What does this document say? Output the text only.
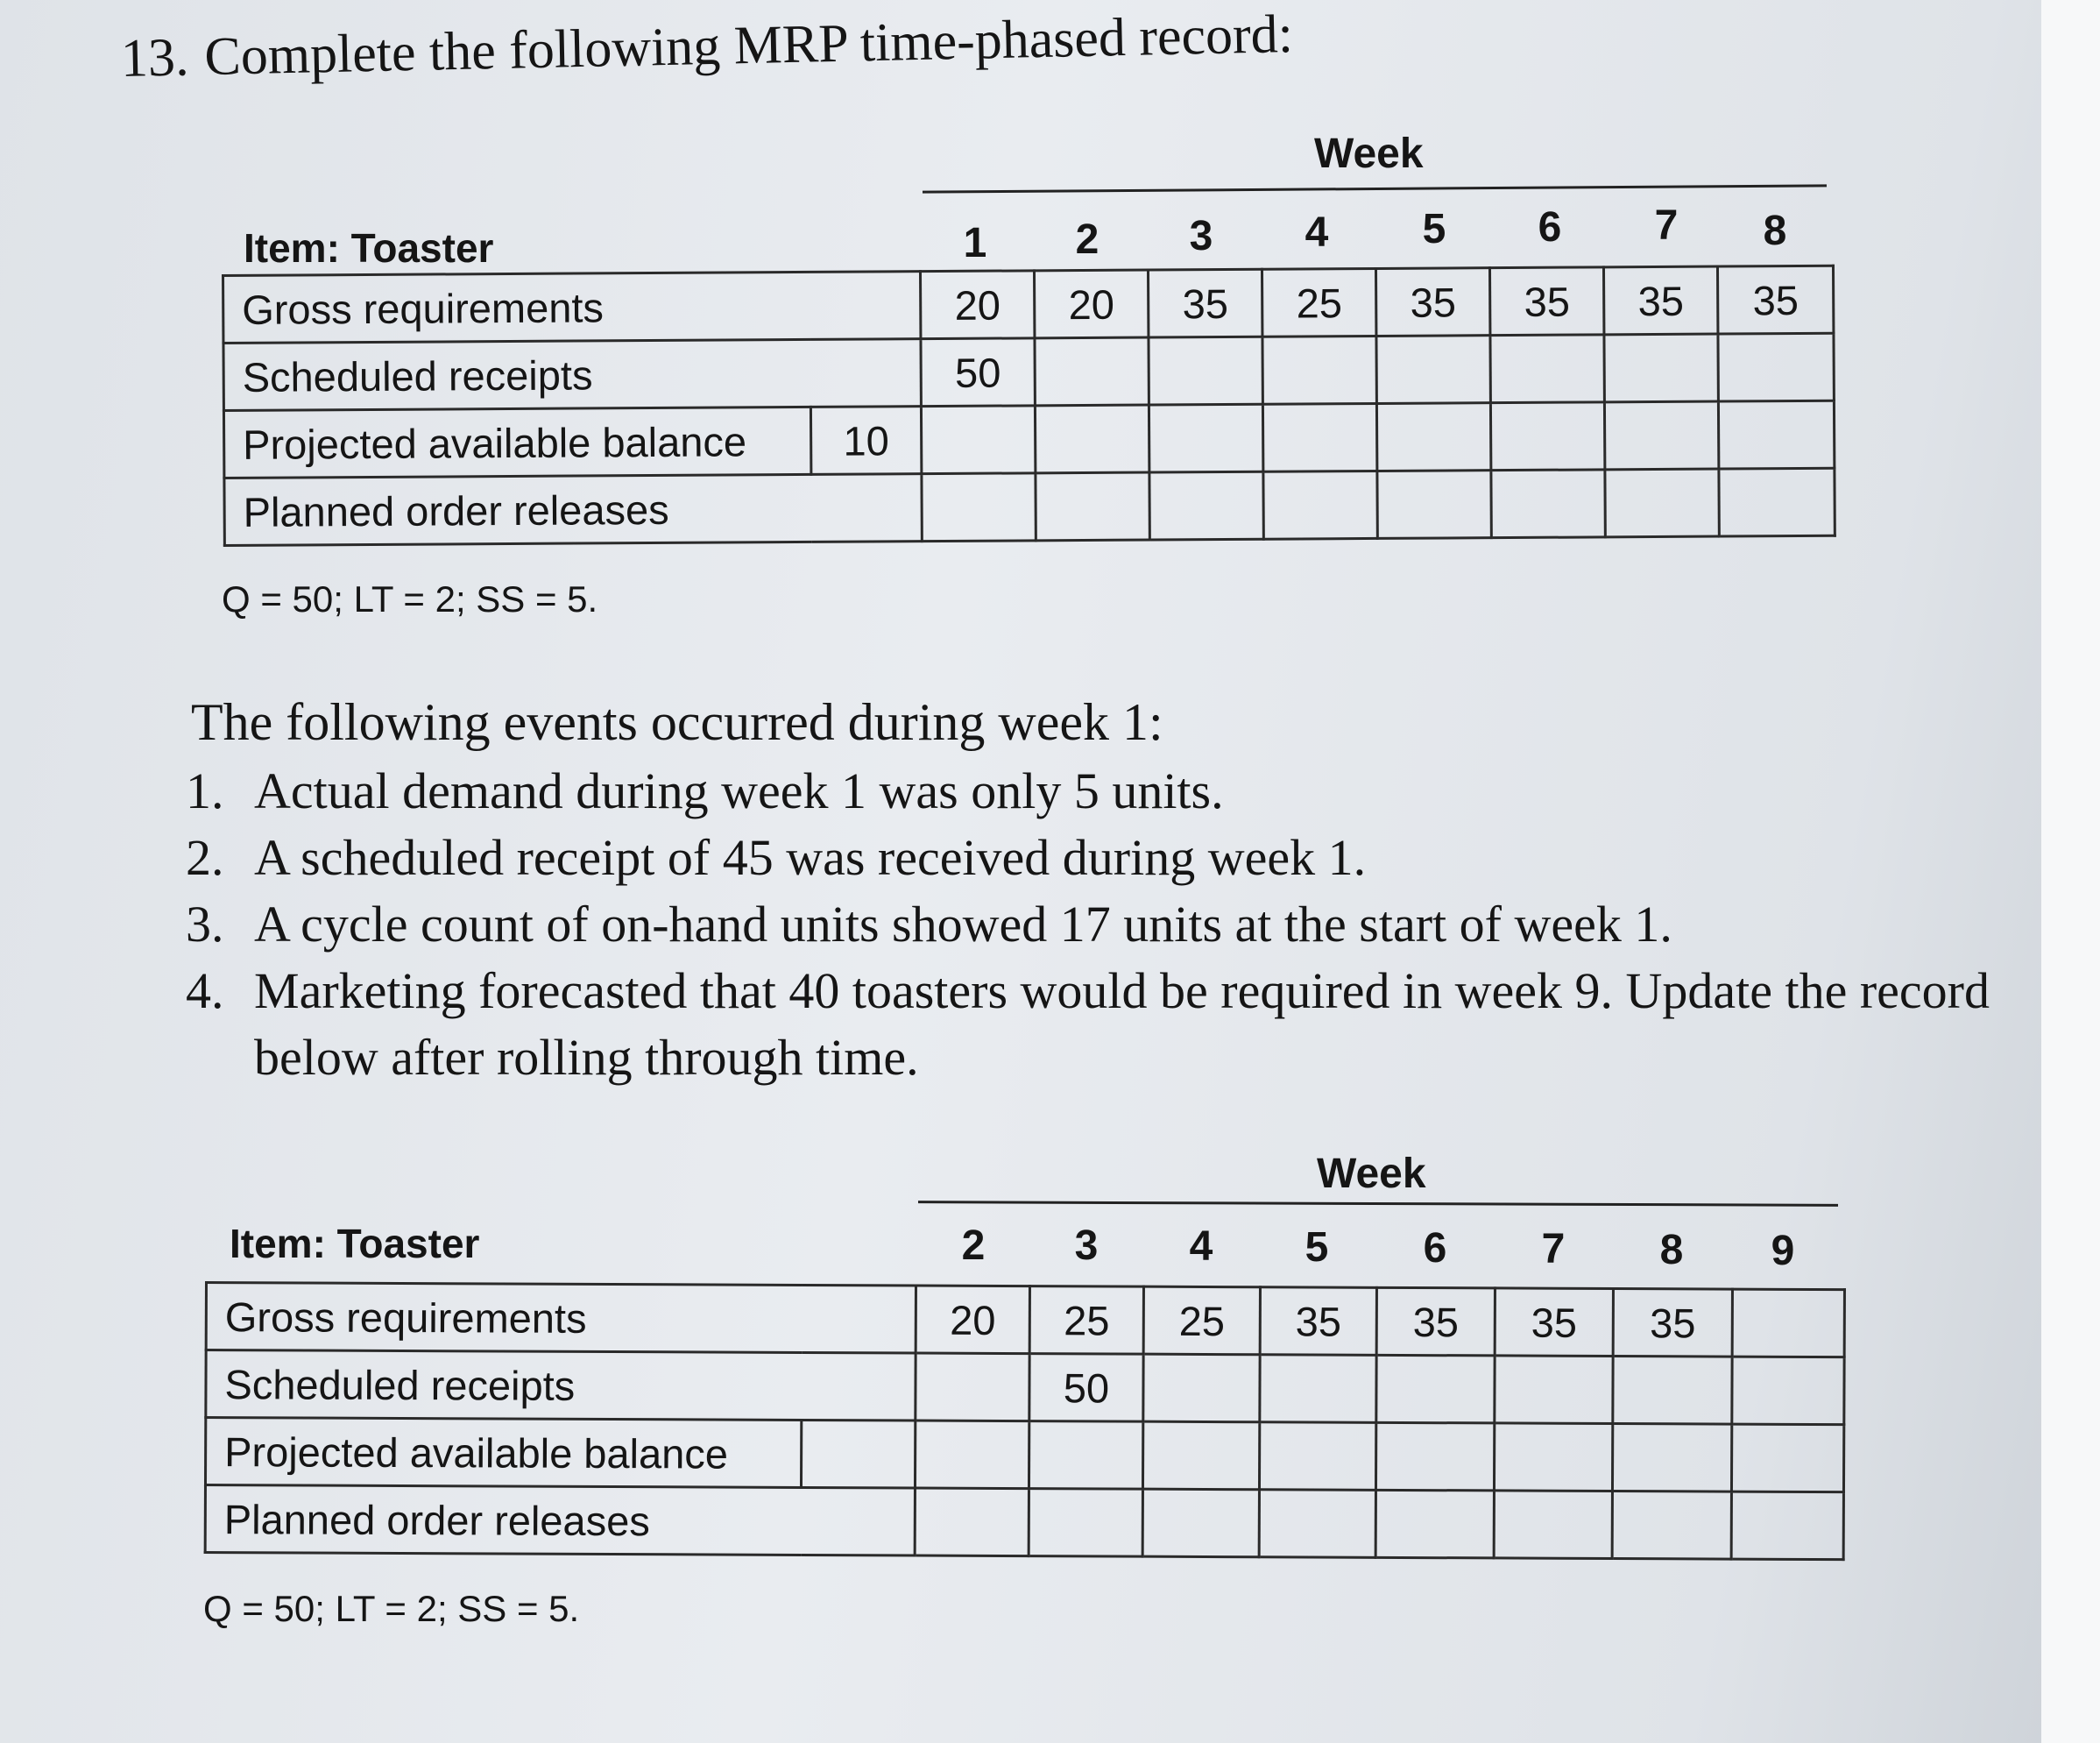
13. Complete the following MRP time-phased record:
Week
Item: Toaster	1	2	3	4	5	6	7	8
Gross requirements		20	20	35	25	35	35	35	35
Scheduled receipts		50							
Projected available balance	10								
Planned order releases									
Q = 50; LT = 2; SS = 5.
The following events occurred during week 1:
1. Actual demand during week 1 was only 5 units.
2. A scheduled receipt of 45 was received during week 1.
3. A cycle count of on-hand units showed 17 units at the start of week 1.
4. Marketing forecasted that 40 toasters would be required in week 9. Update the record below after rolling through time.
Week
Item: Toaster	2	3	4	5	6	7	8	9
Gross requirements		20	25	25	35	35	35	35	
Scheduled receipts			50						
Projected available balance									
Planned order releases									
Q = 50; LT = 2; SS = 5.
